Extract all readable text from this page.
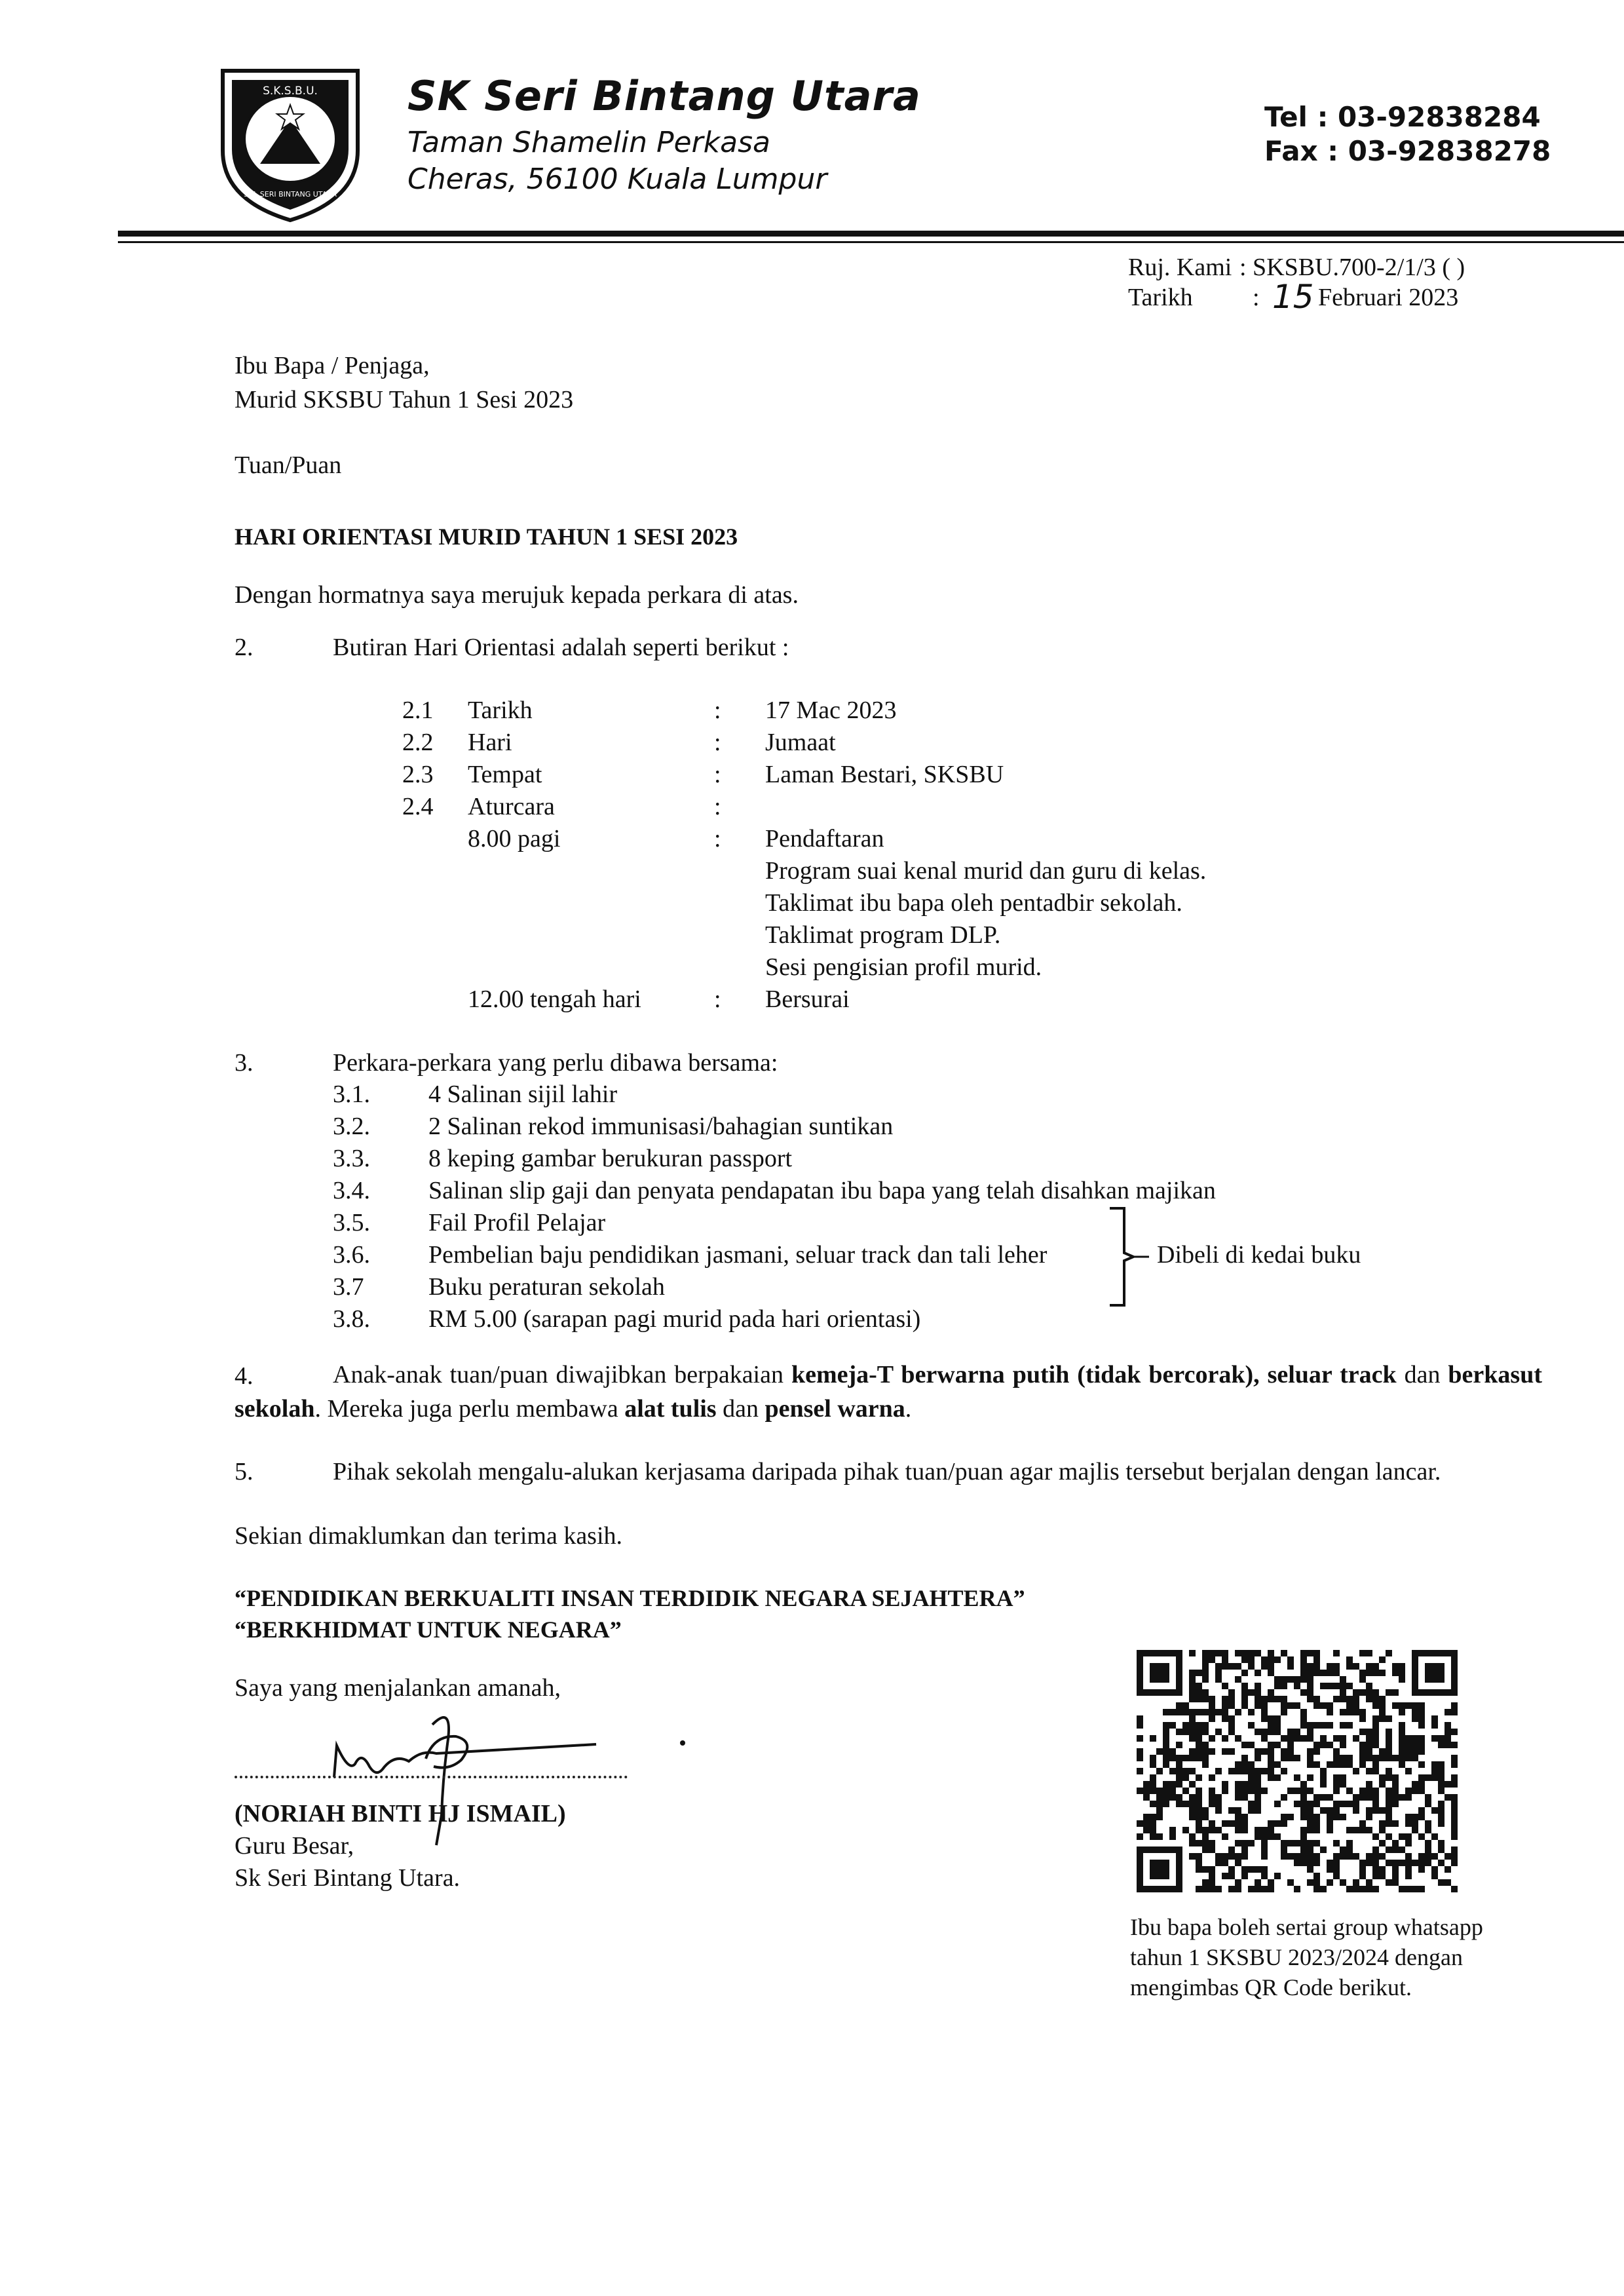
S.K.S.B.U.
S.K. SERI BINTANG UTARA
SK Seri Bintang Utara
Taman Shamelin Perkasa
Cheras, 56100 Kuala Lumpur
Tel : 03-92838284
Fax : 03-92838278
Ruj. Kami : SKSBU.700-2/1/3 ( )
Tarikh : 15 Februari 2023
Ibu Bapa / Penjaga,
Murid SKSBU Tahun 1 Sesi 2023
Tuan/Puan
HARI ORIENTASI MURID TAHUN 1 SESI 2023
Dengan hormatnya saya merujuk kepada perkara di atas.
2.	Butiran Hari Orientasi adalah seperti berikut :
2.1 Tarikh	: 17 Mac 2023
2.2 Hari	: Jumaat
2.3 Tempat	: Laman Bestari, SKSBU
2.4 Aturcara	:
8.00 pagi	: Pendaftaran
Program suai kenal murid dan guru di kelas.
Taklimat ibu bapa oleh pentadbir sekolah.
Taklimat program DLP.
Sesi pengisian profil murid.
12.00 tengah hari	: Bersurai
3.	Perkara-perkara yang perlu dibawa bersama:
3.1. 4 Salinan sijil lahir
3.2. 2 Salinan rekod immunisasi/bahagian suntikan
3.3. 8 keping gambar berukuran passport
3.4. Salinan slip gaji dan penyata pendapatan ibu bapa yang telah disahkan majikan
3.5. Fail Profil Pelajar
3.6. Pembelian baju pendidikan jasmani, seluar track dan tali leher
3.7	Buku peraturan sekolah
3.8. RM 5.00 (sarapan pagi murid pada hari orientasi)
Dibeli di kedai buku
4.	Anak-anak tuan/puan diwajibkan berpakaian kemeja-T berwarna putih (tidak bercorak), seluar track dan berkasut sekolah. Mereka juga perlu membawa alat tulis dan pensel warna.
5.	Pihak sekolah mengalu-alukan kerjasama daripada pihak tuan/puan agar majlis tersebut berjalan dengan lancar.
Sekian dimaklumkan dan terima kasih.
“PENDIDIKAN BERKUALITI INSAN TERDIDIK NEGARA SEJAHTERA”
“BERKHIDMAT UNTUK NEGARA”
Saya yang menjalankan amanah,
(NORIAH BINTI HJ ISMAIL)
Guru Besar,
Sk Seri Bintang Utara.
Ibu bapa boleh sertai group whatsapp
tahun 1 SKSBU 2023/2024 dengan
mengimbas QR Code berikut.
